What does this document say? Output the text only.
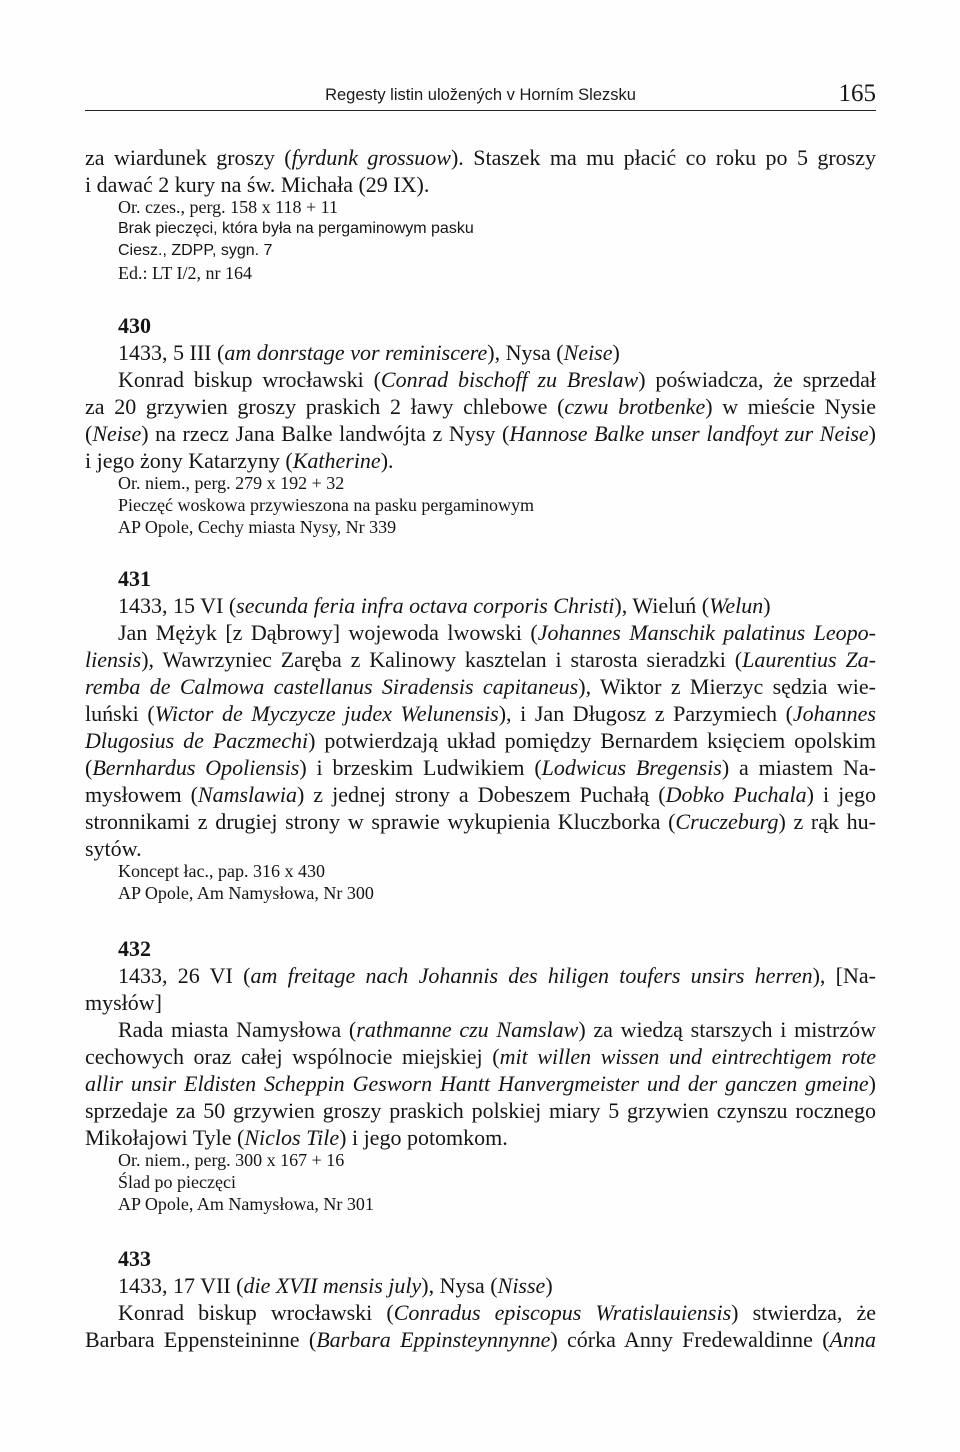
Regesty listin uložených v Horním Slezsku	165
za wiardunek groszy (fyrdunk grossuow). Staszek ma mu płacić co roku po 5 groszy
i dawać 2 kury na św. Michała (29 IX).
Or. czes., perg. 158 x 118 + 11
Brak pieczęci, która była na pergaminowym pasku
Ciesz., ZDPP, sygn. 7
Ed.: LT I/2, nr 164
430
1433, 5 III (am donrstage vor reminiscere), Nysa (Neise)
Konrad biskup wrocławski (Conrad bischoff zu Breslaw) poświadcza, że sprzedał
za 20 grzywien groszy praskich 2 ławy chlebowe (czwu brotbenke) w mieście Nysie
(Neise) na rzecz Jana Balke landwójta z Nysy (Hannose Balke unser landfoyt zur Neise)
i jego żony Katarzyny (Katherine).
Or. niem., perg. 279 x 192 + 32
Pieczęć woskowa przywieszona na pasku pergaminowym
AP Opole, Cechy miasta Nysy, Nr 339
431
1433, 15 VI (secunda feria infra octava corporis Christi), Wieluń (Welun)
Jan Mężyk [z Dąbrowy] wojewoda lwowski (Johannes Manschik palatinus Leopo-
liensis), Wawrzyniec Zaręba z Kalinowy kasztelan i starosta sieradzki (Laurentius Za-
remba de Calmowa castellanus Siradensis capitaneus), Wiktor z Mierzyc sędzia wie-
luński (Wictor de Myczycze judex Welunensis), i Jan Długosz z Parzymiech (Johannes
Dlugosius de Paczmechi) potwierdzają układ pomiędzy Bernardem księciem opolskim
(Bernhardus Opoliensis) i brzeskim Ludwikiem (Lodwicus Bregensis) a miastem Na-
mysłowem (Namslawia) z jednej strony a Dobeszem Puchałą (Dobko Puchala) i jego
stronnikami z drugiej strony w sprawie wykupienia Kluczborka (Cruczeburg) z rąk hu-
sytów.
Koncept łac., pap. 316 x 430
AP Opole, Am Namysłowa, Nr 300
432
1433, 26 VI (am freitage nach Johannis des hiligen toufers unsirs herren), [Na-
mysłów]
Rada miasta Namysłowa (rathmanne czu Namslaw) za wiedzą starszych i mistrzów
cechowych oraz całej wspólnocie miejskiej (mit willen wissen und eintrechtigem rote
allir unsir Eldisten Scheppin Gesworn Hantt Hanvergmeister und der ganczen gmeine)
sprzedaje za 50 grzywien groszy praskich polskiej miary 5 grzywien czynszu rocznego
Mikołajowi Tyle (Niclos Tile) i jego potomkom.
Or. niem., perg. 300 x 167 + 16
Ślad po pieczęci
AP Opole, Am Namysłowa, Nr 301
433
1433, 17 VII (die XVII mensis july), Nysa (Nisse)
Konrad biskup wrocławski (Conradus episcopus Wratislauiensis) stwierdza, że
Barbara Eppensteininne (Barbara Eppinsteynnynne) córka Anny Fredewaldinne (Anna
